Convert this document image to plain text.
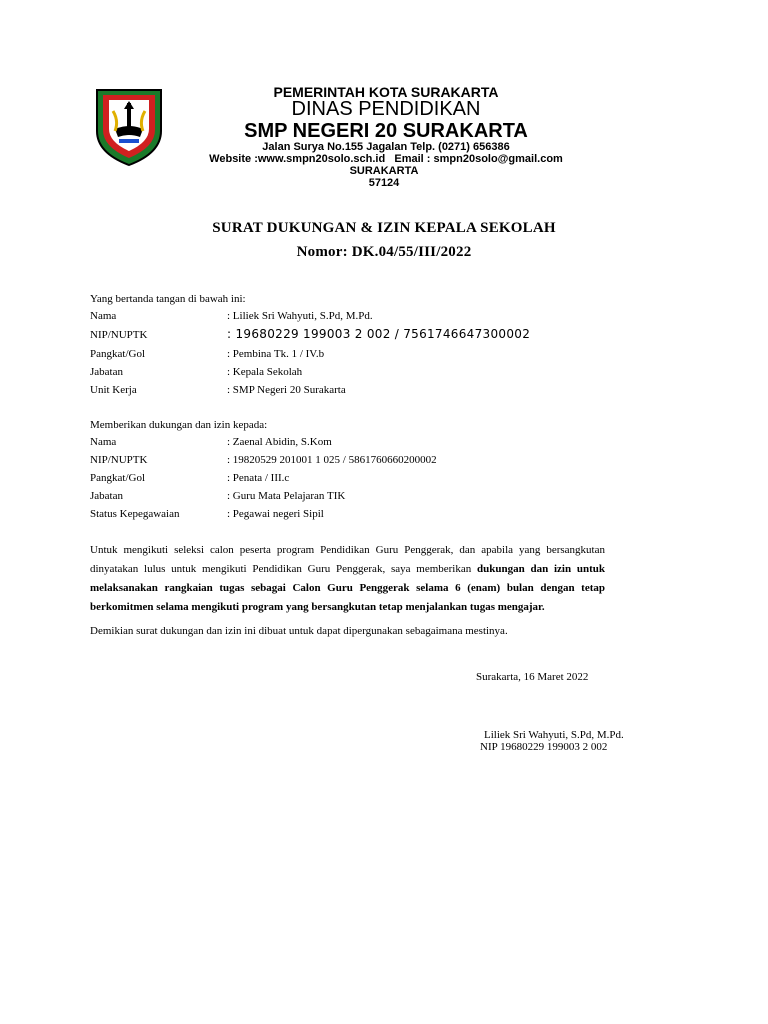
PEMERINTAH KOTA SURAKARTA
DINAS PENDIDIKAN
SMP NEGERI 20 SURAKARTA
Jalan Surya No.155 Jagalan Telp. (0271) 656386
Website :www.smpn20solo.sch.id   Email : smpn20solo@gmail.com
SURAKARTA
57124
SURAT DUKUNGAN & IZIN KEPALA SEKOLAH
Nomor: DK.04/55/III/2022
Yang bertanda tangan di bawah ini:
Nama	: Liliek Sri Wahyuti, S.Pd, M.Pd.
NIP/NUPTK	: 19680229 199003 2 002 / 7561746647300002
Pangkat/Gol	: Pembina Tk. 1 / IV.b
Jabatan	: Kepala Sekolah
Unit Kerja	: SMP Negeri 20 Surakarta
Memberikan dukungan dan izin kepada:
Nama	: Zaenal Abidin, S.Kom
NIP/NUPTK	: 19820529 201001 1 025 / 5861760660200002
Pangkat/Gol	: Penata / III.c
Jabatan	: Guru Mata Pelajaran TIK
Status Kepegawaian	: Pegawai negeri Sipil
Untuk mengikuti seleksi calon peserta program Pendidikan Guru Penggerak, dan apabila yang bersangkutan dinyatakan lulus untuk mengikuti Pendidikan Guru Penggerak, saya memberikan dukungan dan izin untuk melaksanakan rangkaian tugas sebagai Calon Guru Penggerak selama 6 (enam) bulan dengan tetap berkomitmen selama mengikuti program yang bersangkutan tetap menjalankan tugas mengajar.
Demikian surat dukungan dan izin ini dibuat untuk dapat dipergunakan sebagaimana mestinya.
Surakarta, 16 Maret 2022
Liliek Sri Wahyuti, S.Pd, M.Pd.
NIP 19680229 199003 2 002
